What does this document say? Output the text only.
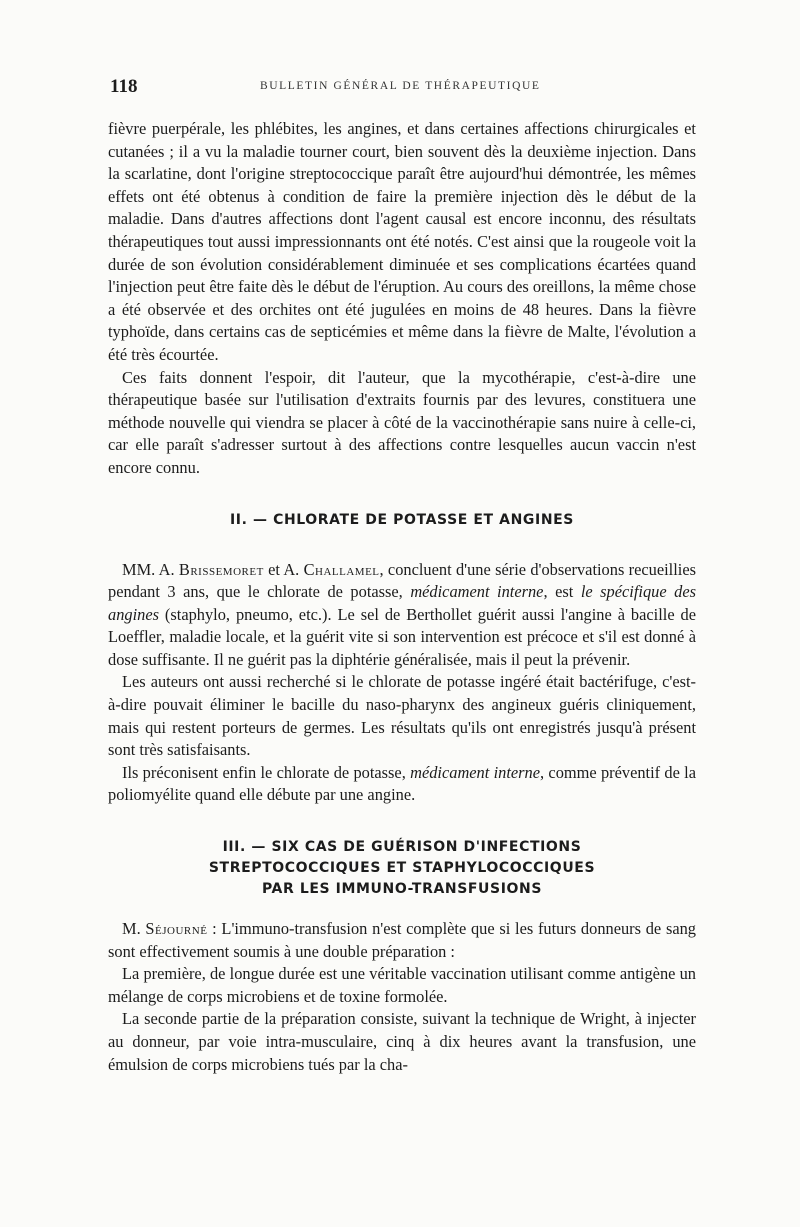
118	BULLETIN GÉNÉRAL DE THÉRAPEUTIQUE

fièvre puerpérale, les phlébites, les angines, et dans certaines affections chirurgicales et cutanées ; il a vu la maladie tourner court, bien souvent dès la deuxième injection. Dans la scarlatine, dont l'origine streptococcique paraît être aujourd'hui démontrée, les mêmes effets ont été obtenus à condition de faire la première injection dès le début de la maladie. Dans d'autres affections dont l'agent causal est encore inconnu, des résultats thérapeutiques tout aussi impressionnants ont été notés. C'est ainsi que la rougeole voit la durée de son évolution considérablement diminuée et ses complications écartées quand l'injection peut être faite dès le début de l'éruption. Au cours des oreillons, la même chose a été observée et des orchites ont été jugulées en moins de 48 heures. Dans la fièvre typhoïde, dans certains cas de septicémies et même dans la fièvre de Malte, l'évolution a été très écourtée.

Ces faits donnent l'espoir, dit l'auteur, que la mycothérapie, c'est-à-dire une thérapeutique basée sur l'utilisation d'extraits fournis par des levures, constituera une méthode nouvelle qui viendra se placer à côté de la vaccinothérapie sans nuire à celle-ci, car elle paraît s'adresser surtout à des affections contre lesquelles aucun vaccin n'est encore connu.

II. — CHLORATE DE POTASSE ET ANGINES

MM. A. Brissemoret et A. Challamel, concluent d'une série d'observations recueillies pendant 3 ans, que le chlorate de potasse, médicament interne, est le spécifique des angines (staphylo, pneumo, etc.). Le sel de Berthollet guérit aussi l'angine à bacille de Loeffler, maladie locale, et la guérit vite si son intervention est précoce et s'il est donné à dose suffisante. Il ne guérit pas la diphtérie généralisée, mais il peut la prévenir.

Les auteurs ont aussi recherché si le chlorate de potasse ingéré était bactérifuge, c'est-à-dire pouvait éliminer le bacille du naso-pharynx des angineux guéris cliniquement, mais qui restent porteurs de germes. Les résultats qu'ils ont enregistrés jusqu'à présent sont très satisfaisants.

Ils préconisent enfin le chlorate de potasse, médicament interne, comme préventif de la poliomyélite quand elle débute par une angine.

III. — SIX CAS DE GUÉRISON D'INFECTIONS
STREPTOCOCCIQUES ET STAPHYLOCOCCIQUES
PAR LES IMMUNO-TRANSFUSIONS

M. Séjourné : L'immuno-transfusion n'est complète que si les futurs donneurs de sang sont effectivement soumis à une double préparation :

La première, de longue durée est une véritable vaccination utilisant comme antigène un mélange de corps microbiens et de toxine formolée.

La seconde partie de la préparation consiste, suivant la technique de Wright, à injecter au donneur, par voie intra-musculaire, cinq à dix heures avant la transfusion, une émulsion de corps microbiens tués par la cha-
